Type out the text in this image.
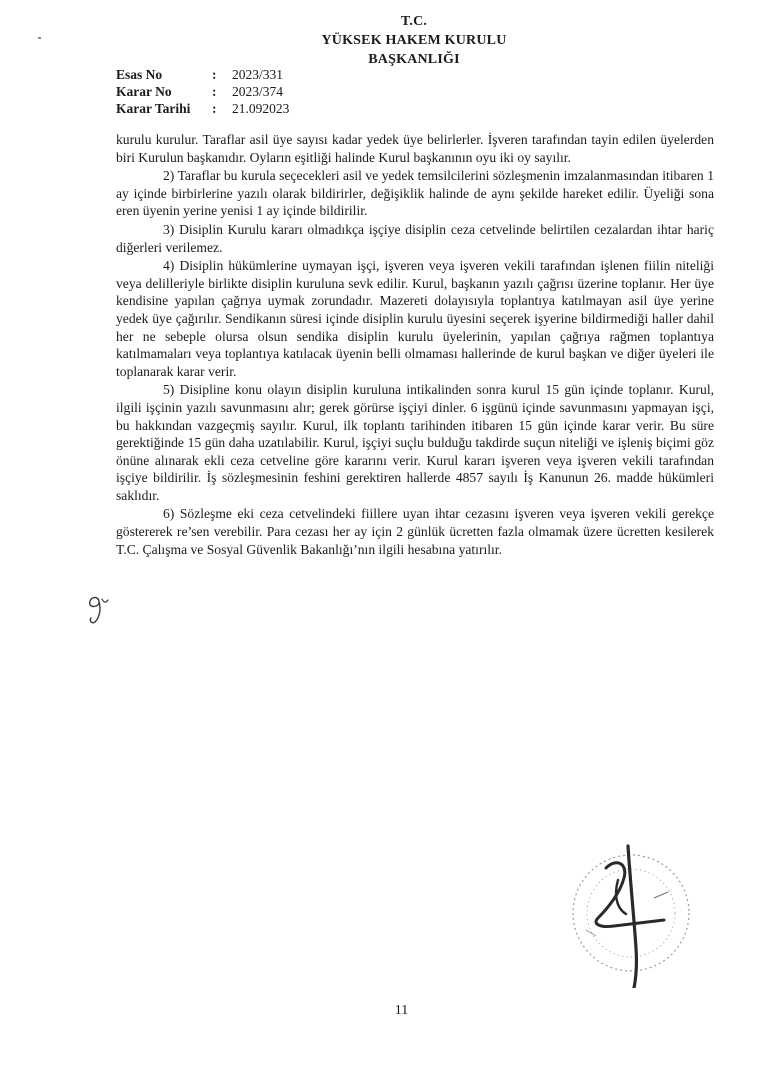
T.C.
YÜKSEK HAKEM KURULU
BAŞKANLIĞI
Esas No	:	2023/331
Karar No	:	2023/374
Karar Tarihi	:	21.092023

kurulu kurulur. Taraflar asil üye sayısı kadar yedek üye belirlerler. İşveren tarafından tayin edilen üyelerden biri Kurulun başkanıdır. Oyların eşitliği halinde Kurul başkanının oyu iki oy sayılır.

2) Taraflar bu kurula seçecekleri asil ve yedek temsilcilerini sözleşmenin imzalanmasından itibaren 1 ay içinde birbirlerine yazılı olarak bildirirler, değişiklik halinde de aynı şekilde hareket edilir. Üyeliği sona eren üyenin yerine yenisi 1 ay içinde bildirilir.

3) Disiplin Kurulu kararı olmadıkça işçiye disiplin ceza cetvelinde belirtilen cezalardan ihtar hariç diğerleri verilemez.

4) Disiplin hükümlerine uymayan işçi, işveren veya işveren vekili tarafından işlenen fiilin niteliği veya delilleriyle birlikte disiplin kuruluna sevk edilir. Kurul, başkanın yazılı çağrısı üzerine toplanır. Her üye kendisine yapılan çağrıya uymak zorundadır. Mazereti dolayısıyla toplantıya katılmayan asil üye yerine yedek üye çağırılır. Sendikanın süresi içinde disiplin kurulu üyesini seçerek işyerine bildirmediği haller dahil her ne sebeple olursa olsun sendika disiplin kurulu üyelerinin, yapılan çağrıya rağmen toplantıya katılmamaları veya toplantıya katılacak üyenin belli olmaması hallerinde de kurul başkan ve diğer üyeleri ile toplanarak karar verir.

5) Disipline konu olayın disiplin kuruluna intikalinden sonra kurul 15 gün içinde toplanır. Kurul, ilgili işçinin yazılı savunmasını alır; gerek görürse işçiyi dinler. 6 işgünü içinde savunmasını yapmayan işçi, bu hakkından vazgeçmiş sayılır. Kurul, ilk toplantı tarihinden itibaren 15 gün içinde karar verir. Bu süre gerektiğinde 15 gün daha uzatılabilir. Kurul, işçiyi suçlu bulduğu takdirde suçun niteliği ve işleniş biçimi göz önüne alınarak ekli ceza cetveline göre kararını verir. Kurul kararı işveren veya işveren vekili tarafından işçiye bildirilir. İş sözleşmesinin feshini gerektiren hallerde 4857 sayılı İş Kanunun 26. madde hükümleri saklıdır.

6) Sözleşme eki ceza cetvelindeki fiillere uyan ihtar cezasını işveren veya işveren vekili gerekçe göstererek re’sen verebilir. Para cezası her ay için 2 günlük ücretten fazla olmamak üzere ücretten kesilerek T.C. Çalışma ve Sosyal Güvenlik Bakanlığı’nın ilgili hesabına yatırılır.

11
